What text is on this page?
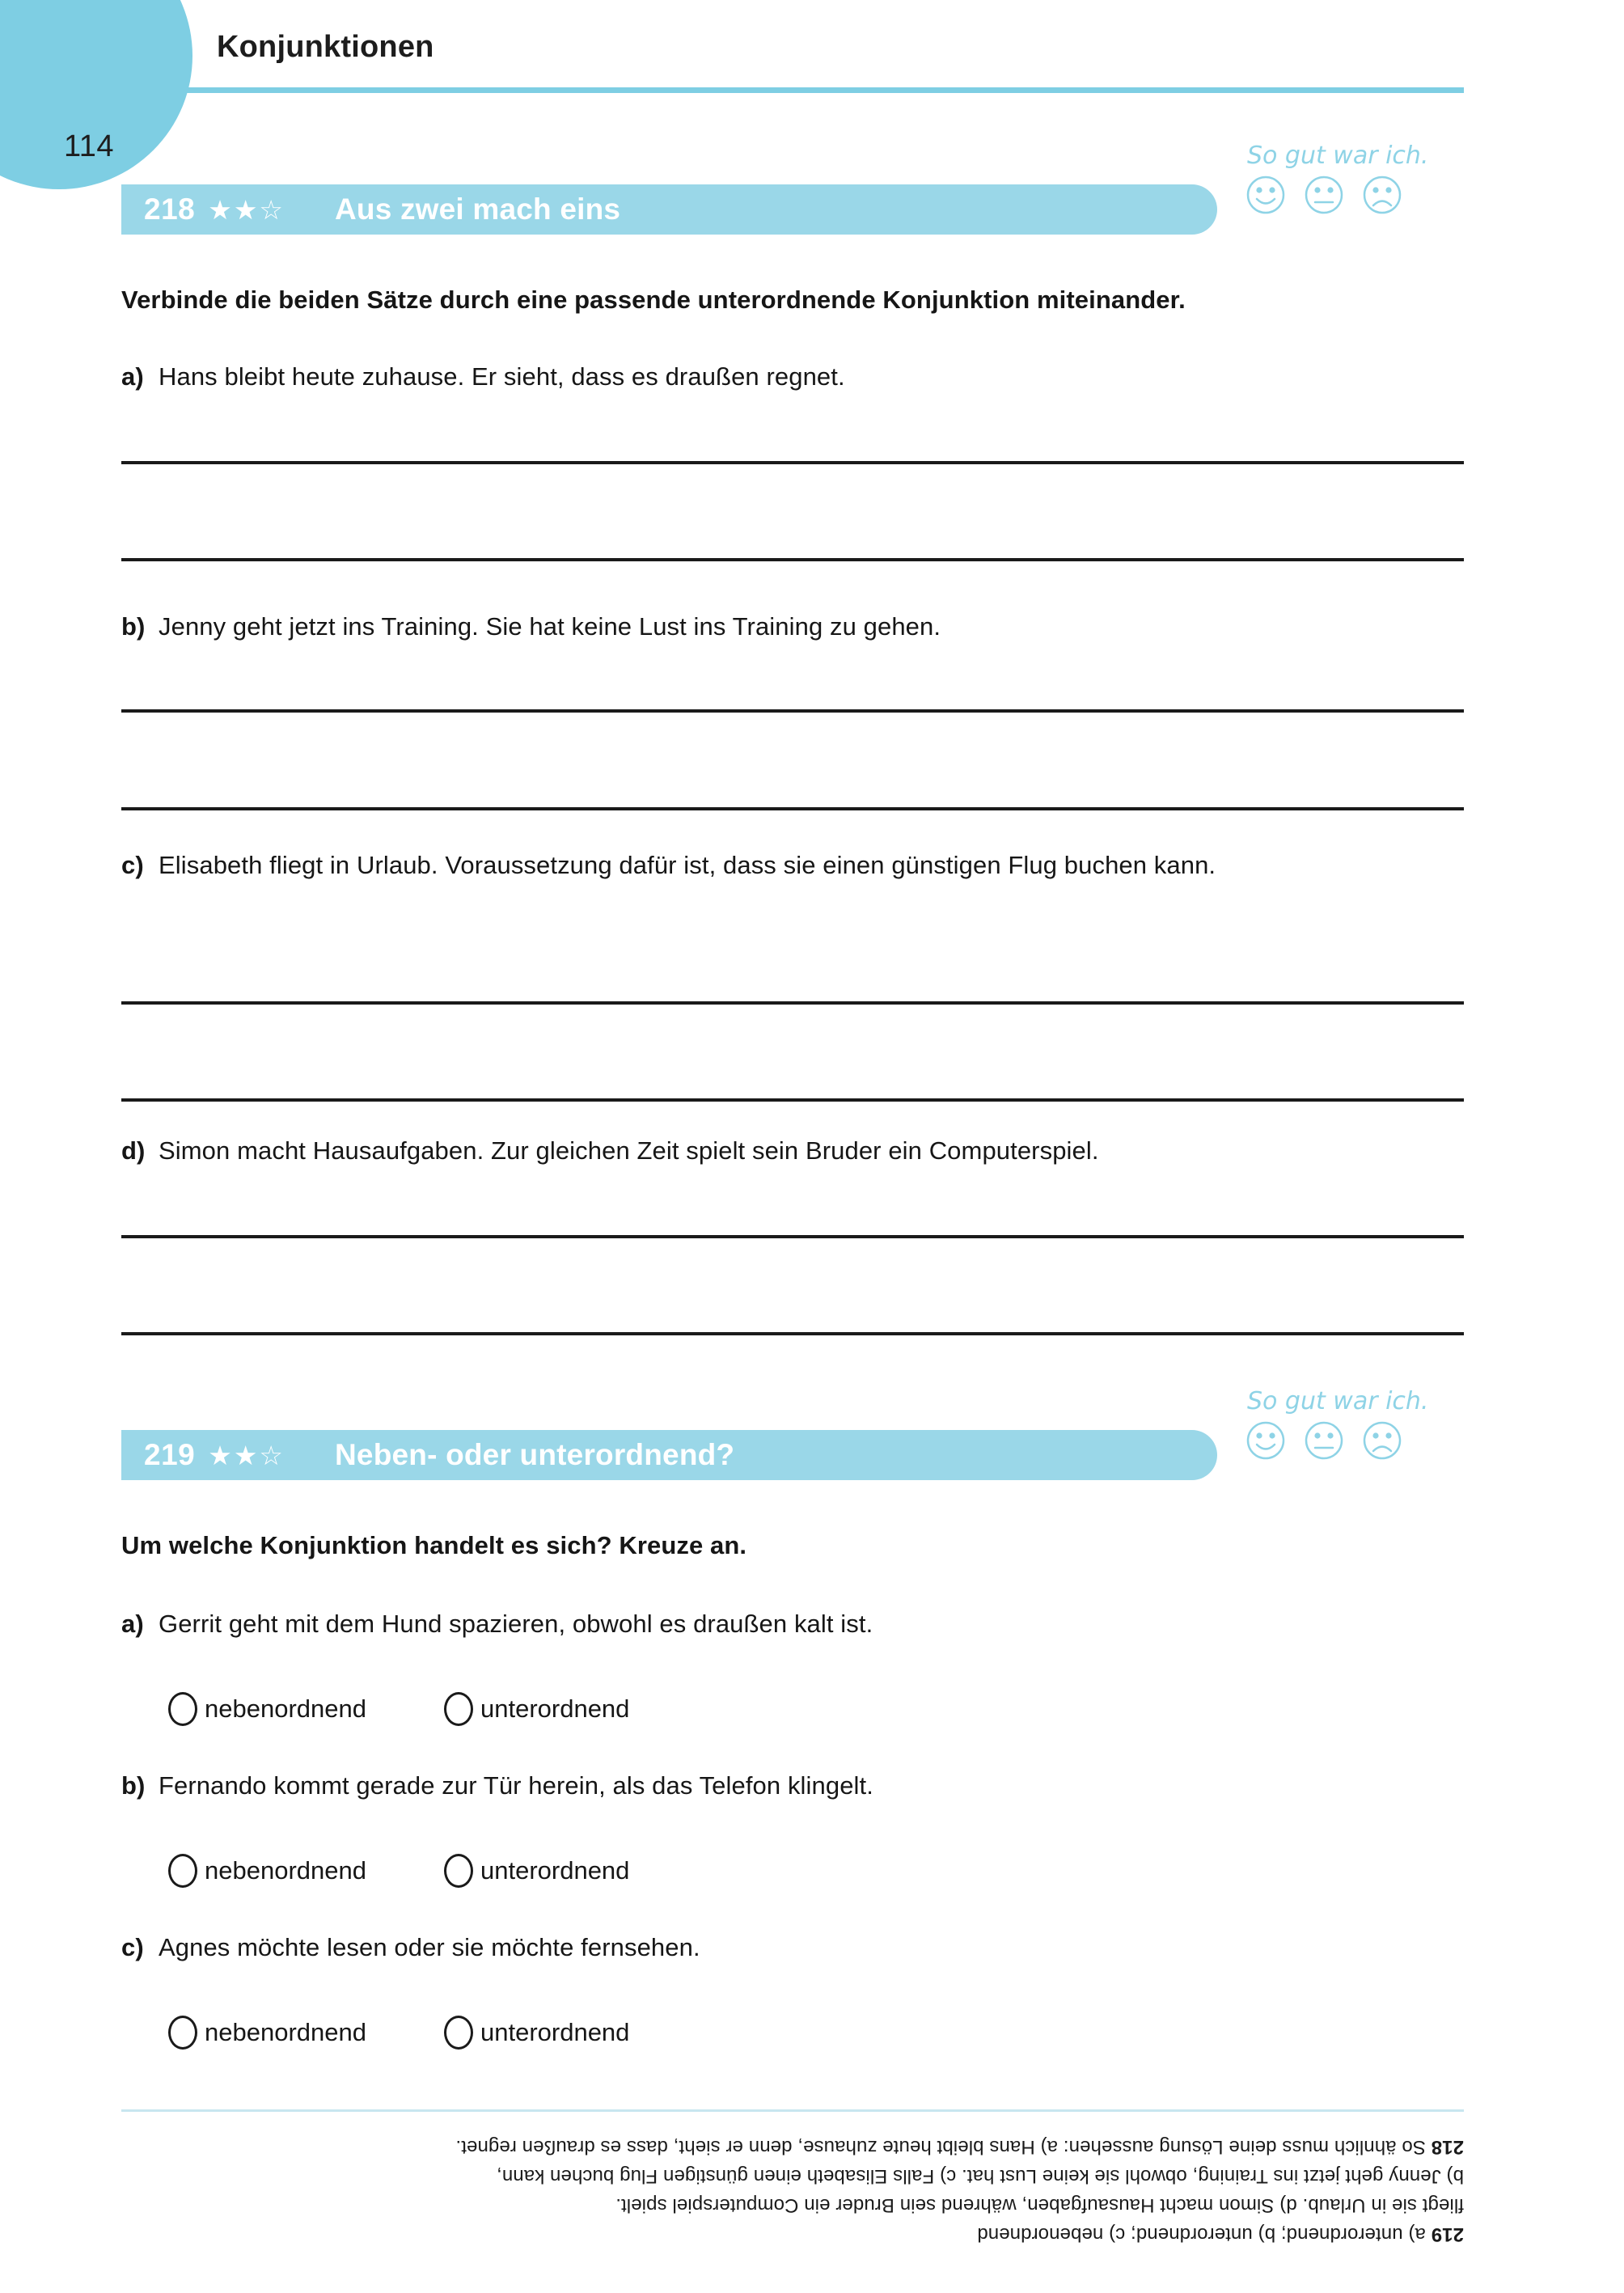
114
Konjunktionen
So gut war ich.
218 ★★☆ Aus zwei mach eins
Verbinde die beiden Sätze durch eine passende unterordnende Konjunktion miteinander.
a) Hans bleibt heute zuhause. Er sieht, dass es draußen regnet.
b) Jenny geht jetzt ins Training. Sie hat keine Lust ins Training zu gehen.
c) Elisabeth fliegt in Urlaub. Voraussetzung dafür ist, dass sie einen günstigen Flug buchen kann.
d) Simon macht Hausaufgaben. Zur gleichen Zeit spielt sein Bruder ein Computerspiel.
So gut war ich.
219 ★★☆ Neben- oder unterordnend?
Um welche Konjunktion handelt es sich? Kreuze an.
a) Gerrit geht mit dem Hund spazieren, obwohl es draußen kalt ist.
nebenordnend	unterordnend
b) Fernando kommt gerade zur Tür herein, als das Telefon klingelt.
nebenordnend	unterordnend
c) Agnes möchte lesen oder sie möchte fernsehen.
nebenordnend	unterordnend

219 a) unterordnend; b) unterordnend; c) nebenordnend

fliegt sie in Urlaub. d) Simon macht Hausaufgaben, während sein Bruder ein Computerspiel spielt.

b) Jenny geht jetzt ins Training, obwohl sie keine Lust hat. c) Falls Elisabeth einen günstigen Flug buchen kann,

218 So ähnlich muss deine Lösung aussehen: a) Hans bleibt heute zuhause, denn er sieht, dass es draußen regnet.
